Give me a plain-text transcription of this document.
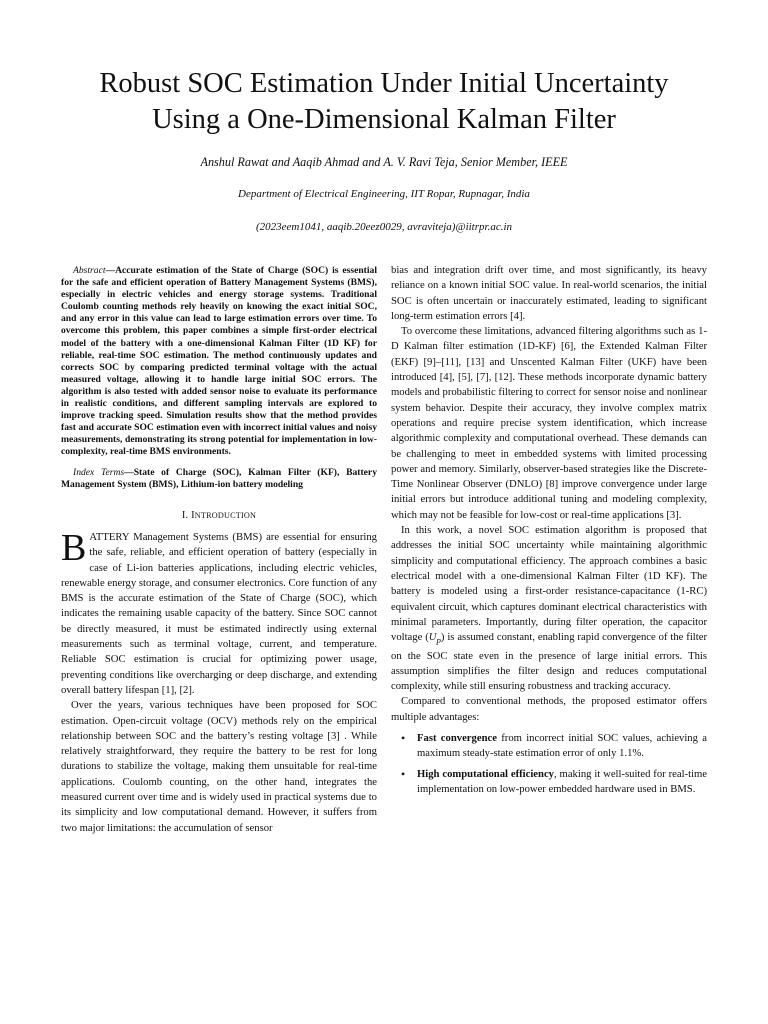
Robust SOC Estimation Under Initial Uncertainty
Using a One-Dimensional Kalman Filter
Anshul Rawat and Aaqib Ahmad and A. V. Ravi Teja, Senior Member, IEEE
Department of Electrical Engineering, IIT Ropar, Rupnagar, India
(2023eem1041, aaqib.20eez0029, avraviteja)@iitrpr.ac.in

Abstract—Accurate estimation of the State of Charge (SOC) is essential for the safe and efficient operation of Battery Management Systems (BMS), especially in electric vehicles and energy storage systems. Traditional Coulomb counting methods rely heavily on knowing the exact initial SOC, and any error in this value can lead to large estimation errors over time. To overcome this problem, this paper combines a simple first-order electrical model of the battery with a one-dimensional Kalman Filter (1D KF) for reliable, real-time SOC estimation. The method continuously updates and corrects SOC by comparing predicted terminal voltage with the actual measured voltage, allowing it to handle large initial SOC errors. The algorithm is also tested with added sensor noise to evaluate its performance in realistic conditions, and different sampling intervals are explored to improve tracking speed. Simulation results show that the method provides fast and accurate SOC estimation even with incorrect initial values and noisy measurements, demonstrating its strong potential for implementation in low-complexity, real-time BMS environments.

Index Terms—State of Charge (SOC), Kalman Filter (KF), Battery Management System (BMS), Lithium-ion battery modeling

I. INTRODUCTION

BATTERY Management Systems (BMS) are essential for ensuring the safe, reliable, and efficient operation of battery (especially in case of Li-ion batteries applications, including electric vehicles, renewable energy storage, and consumer electronics. Core function of any BMS is the accurate estimation of the State of Charge (SOC), which indicates the remaining usable capacity of the battery. Since SOC cannot be directly measured, it must be estimated indirectly using external measurements such as terminal voltage, current, and temperature. Reliable SOC estimation is crucial for optimizing power usage, preventing conditions like overcharging or deep discharge, and extending overall battery lifespan [1], [2].

Over the years, various techniques have been proposed for SOC estimation. Open-circuit voltage (OCV) methods rely on the empirical relationship between SOC and the battery’s resting voltage [3] . While relatively straightforward, they require the battery to be rest for long durations to stabilize the voltage, making them unsuitable for real-time applications. Coulomb counting, on the other hand, integrates the measured current over time and is widely used in practical systems due to its simplicity and low computational demand. However, it suffers from two major limitations: the accumulation of sensor

bias and integration drift over time, and most significantly, its heavy reliance on a known initial SOC value. In real-world scenarios, the initial SOC is often uncertain or inaccurately estimated, leading to significant long-term estimation errors [4].

To overcome these limitations, advanced filtering algorithms such as 1-D Kalman filter estimation (1D-KF) [6], the Extended Kalman Filter (EKF) [9]–[11], [13] and Unscented Kalman Filter (UKF) have been introduced [4], [5], [7], [12]. These methods incorporate dynamic battery models and probabilistic filtering to correct for sensor noise and nonlinear system behavior. Despite their accuracy, they involve complex matrix operations and require precise system identification, which increase algorithmic complexity and computational overhead. These demands can be challenging to meet in embedded systems with limited processing power and memory. Similarly, observer-based strategies like the Discrete-Time Nonlinear Observer (DNLO) [8] improve convergence under large initial errors but introduce additional tuning and modeling complexity, which may not be feasible for low-cost or real-time applications [3].

In this work, a novel SOC estimation algorithm is proposed that addresses the initial SOC uncertainty while maintaining algorithmic simplicity and computational efficiency. The approach combines a basic electrical model with a one-dimensional Kalman Filter (1D KF). The battery is modeled using a first-order resistance-capacitance (1-RC) equivalent circuit, which captures dominant electrical characteristics with minimal parameters. Importantly, during filter operation, the capacitor voltage $(U_p)$ is assumed constant, enabling rapid convergence of the filter on the SOC state even in the presence of large initial errors. This assumption simplifies the filter design and reduces computational complexity, while still ensuring robustness and tracking accuracy.

Compared to conventional methods, the proposed estimator offers multiple advantages:

• Fast convergence from incorrect initial SOC values, achieving a maximum steady-state estimation error of only 1.1%.
• High computational efficiency, making it well-suited for real-time implementation on low-power embedded hardware used in BMS.
